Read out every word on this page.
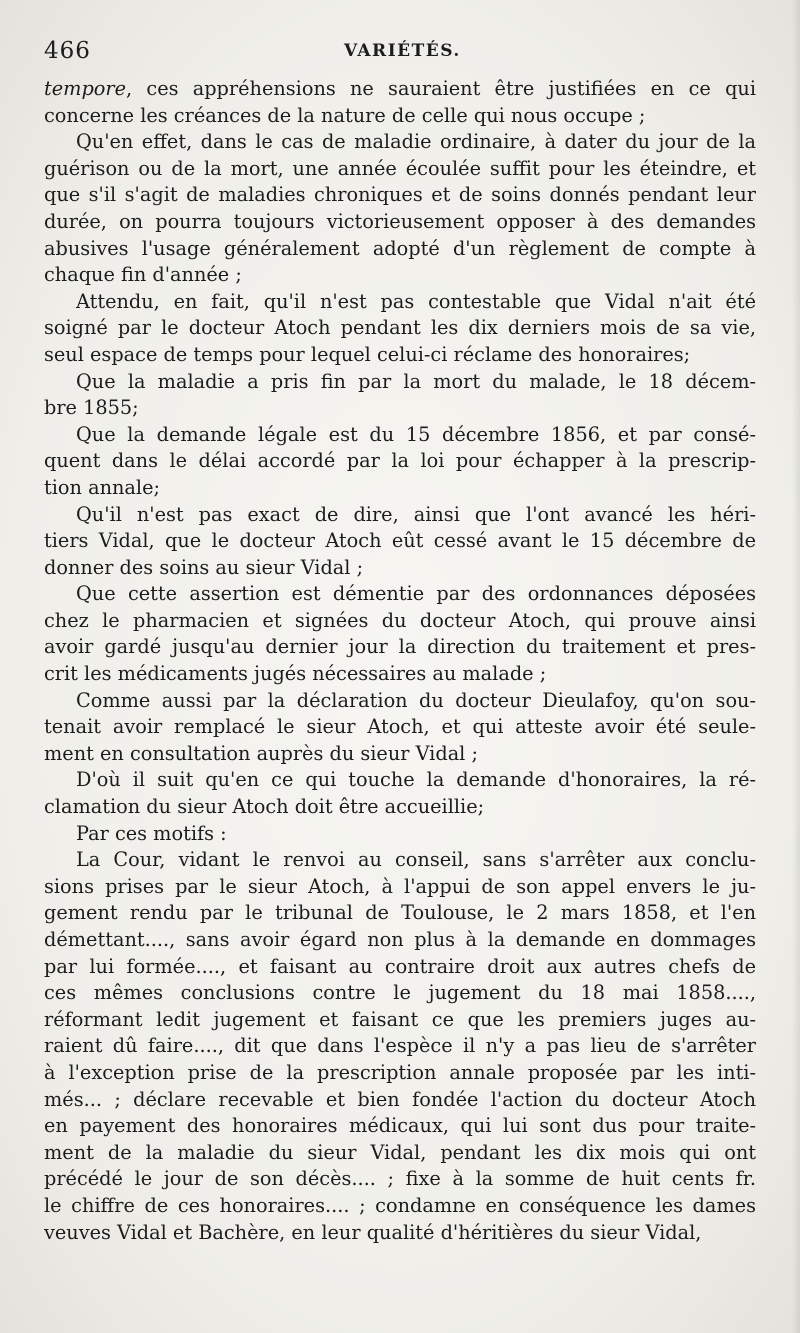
466	VARIÉTÉS.
tempore, ces appréhensions ne sauraient être justifiées en ce qui
concerne les créances de la nature de celle qui nous occupe ;
Qu'en effet, dans le cas de maladie ordinaire, à dater du jour de la
guérison ou de la mort, une année écoulée suffit pour les éteindre, et
que s'il s'agit de maladies chroniques et de soins donnés pendant leur
durée, on pourra toujours victorieusement opposer à des demandes
abusives l'usage généralement adopté d'un règlement de compte à
chaque fin d'année ;
Attendu, en fait, qu'il n'est pas contestable que Vidal n'ait été
soigné par le docteur Atoch pendant les dix derniers mois de sa vie,
seul espace de temps pour lequel celui-ci réclame des honoraires;
Que la maladie a pris fin par la mort du malade, le 18 décem-
bre 1855;
Que la demande légale est du 15 décembre 1856, et par consé-
quent dans le délai accordé par la loi pour échapper à la prescrip-
tion annale;
Qu'il n'est pas exact de dire, ainsi que l'ont avancé les héri-
tiers Vidal, que le docteur Atoch eût cessé avant le 15 décembre de
donner des soins au sieur Vidal ;
Que cette assertion est démentie par des ordonnances déposées
chez le pharmacien et signées du docteur Atoch, qui prouve ainsi
avoir gardé jusqu'au dernier jour la direction du traitement et pres-
crit les médicaments jugés nécessaires au malade ;
Comme aussi par la déclaration du docteur Dieulafoy, qu'on sou-
tenait avoir remplacé le sieur Atoch, et qui atteste avoir été seule-
ment en consultation auprès du sieur Vidal ;
D'où il suit qu'en ce qui touche la demande d'honoraires, la ré-
clamation du sieur Atoch doit être accueillie;
Par ces motifs :
La Cour, vidant le renvoi au conseil, sans s'arrêter aux conclu-
sions prises par le sieur Atoch, à l'appui de son appel envers le ju-
gement rendu par le tribunal de Toulouse, le 2 mars 1858, et l'en
démettant...., sans avoir égard non plus à la demande en dommages
par lui formée...., et faisant au contraire droit aux autres chefs de
ces mêmes conclusions contre le jugement du 18 mai 1858....,
réformant ledit jugement et faisant ce que les premiers juges au-
raient dû faire...., dit que dans l'espèce il n'y a pas lieu de s'arrêter
à l'exception prise de la prescription annale proposée par les inti-
més... ; déclare recevable et bien fondée l'action du docteur Atoch
en payement des honoraires médicaux, qui lui sont dus pour traite-
ment de la maladie du sieur Vidal, pendant les dix mois qui ont
précédé le jour de son décès.... ; fixe à la somme de huit cents fr.
le chiffre de ces honoraires.... ; condamne en conséquence les dames
veuves Vidal et Bachère, en leur qualité d'héritières du sieur Vidal,
